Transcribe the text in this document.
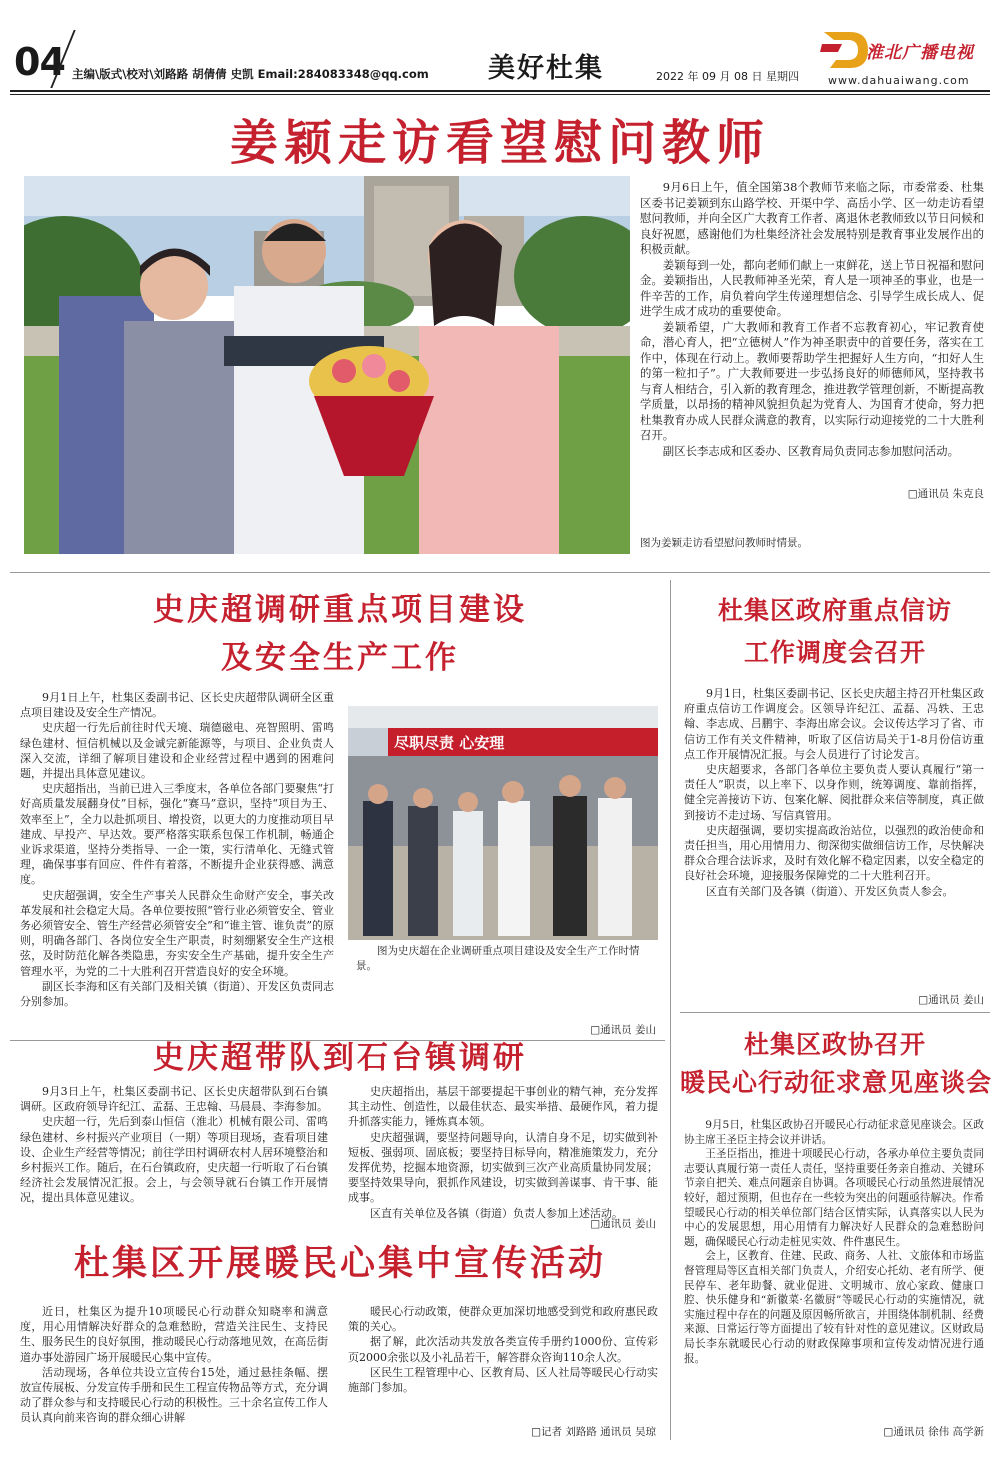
04 主编\版式\校对\刘路路 胡倩倩 史凯 Email:284083348@qq.com 美好杜集	2022 年 09 月 08 日 星期四
淮北广播电视
www.dahuaiwang.com
姜颖走访看望慰问教师

9月6日上午，值全国第38个教师节来临之际，市委常委、杜集区委书记姜颖到东山路学校、开渠中学、高岳小学、区一幼走访看望慰问教师，并向全区广大教育工作者、离退休老教师致以节日问候和良好祝愿，感谢他们为杜集经济社会发展特别是教育事业发展作出的积极贡献。

姜颖每到一处，都向老师们献上一束鲜花，送上节日祝福和慰问金。姜颖指出，人民教师神圣光荣，育人是一项神圣的事业，也是一件辛苦的工作，肩负着向学生传递理想信念、引导学生成长成人、促进学生成才成功的重要使命。

姜颖希望，广大教师和教育工作者不忘教育初心，牢记教育使命，潜心育人，把“立德树人”作为神圣职责中的首要任务，落实在工作中，体现在行动上。教师要帮助学生把握好人生方向，“扣好人生的第一粒扣子”。广大教师要进一步弘扬良好的师德师风，坚持教书与育人相结合，引入新的教育理念，推进教学管理创新，不断提高教学质量，以昂扬的精神风貌担负起为党育人、为国育才使命，努力把杜集教育办成人民群众满意的教育，以实际行动迎接党的二十大胜利召开。

副区长李志成和区委办、区教育局负责同志参加慰问活动。

□通讯员 朱克良
图为姜颖走访看望慰问教师时情景。
史庆超调研重点项目建设
及安全生产工作

9月1日上午，杜集区委副书记、区长史庆超带队调研全区重点项目建设及安全生产情况。

史庆超一行先后前往时代天境、瑞德磁电、亮智照明、雷鸣绿色建材、恒信机械以及金诚完新能源等，与项目、企业负责人深入交流，详细了解项目建设和企业经营过程中遇到的困难问题，并提出具体意见建议。

史庆超指出，当前已进入三季度末，各单位各部门要聚焦“打好高质量发展翻身仗”目标，强化“赛马”意识，坚持“项目为王、效率至上”，全力以赴抓项目、增投资，以更大的力度推动项目早建成、早投产、早达效。要严格落实联系包保工作机制，畅通企业诉求渠道，坚持分类指导、一企一策，实行清单化、无缝式管理，确保事事有回应、件件有着落，不断提升企业获得感、满意度。

史庆超强调，安全生产事关人民群众生命财产安全，事关改革发展和社会稳定大局。各单位要按照“管行业必须管安全、管业务必须管安全、管生产经营必须管安全”和“谁主管、谁负责”的原则，明确各部门、各岗位安全生产职责，时刻绷紧安全生产这根弦，及时防范化解各类隐患，夯实安全生产基础，提升安全生产管理水平，为党的二十大胜利召开营造良好的安全环境。

副区长李海和区有关部门及相关镇（街道）、开发区负责同志分别参加。

尽职尽责 心安理
图为史庆超在企业调研重点项目建设及安全生产工作时情景。
□通讯员 姜山
杜集区政府重点信访
工作调度会召开

9月1日，杜集区委副书记、区长史庆超主持召开杜集区政府重点信访工作调度会。区领导许纪江、孟磊、冯轶、王忠翰、李志成、吕鹏宇、李海出席会议。会议传达学习了省、市信访工作有关文件精神，听取了区信访局关于1-8月份信访重点工作开展情况汇报。与会人员进行了讨论发言。

史庆超要求，各部门各单位主要负责人要认真履行“第一责任人”职责，以上率下、以身作则，统筹调度、靠前指挥，健全完善接访下访、包案化解、阅批群众来信等制度，真正做到接访不走过场、写信真管用。

史庆超强调，要切实提高政治站位，以强烈的政治使命和责任担当，用心用情用力、彻深彻实做细信访工作，尽快解决群众合理合法诉求，及时有效化解不稳定因素，以安全稳定的良好社会环境，迎接服务保障党的二十大胜利召开。

区直有关部门及各镇（街道）、开发区负责人参会。

□通讯员 姜山
杜集区政协召开
暖民心行动征求意见座谈会

9月5日，杜集区政协召开暖民心行动征求意见座谈会。区政协主席王圣臣主持会议并讲话。

王圣臣指出，推进十项暖民心行动，各承办单位主要负责同志要认真履行第一责任人责任，坚持重要任务亲自推动、关键环节亲自把关、难点问题亲自协调。各项暖民心行动虽然进展情况较好，超过预期，但也存在一些较为突出的问题亟待解决。作希望暖民心行动的相关单位部门结合区情实际，认真落实以人民为中心的发展思想，用心用情有力解决好人民群众的急难愁盼问题，确保暖民心行动走桩见实效、件件惠民生。

会上，区教育、住建、民政、商务、人社、文旅体和市场监督管理局等区直相关部门负责人，介绍安心托幼、老有所学、便民停车、老年助餐、就业促进、文明城市、放心家政、健康口腔、快乐健身和“新徽菜·名徽厨”等暖民心行动的实施情况，就实施过程中存在的问题及原因畅所欲言，并围绕体制机制、经费来源、日常运行等方面提出了较有针对性的意见建议。区财政局局长李东就暖民心行动的财政保障事项和宣传发动情况进行通报。

□通讯员 徐伟 高学新
史庆超带队到石台镇调研

9月3日上午，杜集区委副书记、区长史庆超带队到石台镇调研。区政府领导许纪江、孟磊、王忠翰、马晨晨、李海参加。

史庆超一行，先后到泰山恒信（淮北）机械有限公司、雷鸣绿色建材、乡村振兴产业项目（一期）等项目现场，查看项目建设、企业生产经营等情况；前往学田村调研农村人居环境整治和乡村振兴工作。随后，在石台镇政府，史庆超一行听取了石台镇经济社会发展情况汇报。会上，与会领导就石台镇工作开展情况，提出具体意见建议。

史庆超指出，基层干部要提起干事创业的精气神，充分发挥其主动性、创造性，以最佳状态、最实举措、最硬作风，着力提升抓落实能力，锤炼真本领。

史庆超强调，要坚持问题导向，认清自身不足，切实做到补短板、强弱项、固底板；要坚持目标导向，精准施策发力，充分发挥优势，挖掘本地资源，切实做到三次产业高质量协同发展；要坚持效果导向，狠抓作风建设，切实做到善谋事、肯干事、能成事。

区直有关单位及各镇（街道）负责人参加上述活动。

□通讯员 姜山
杜集区开展暖民心集中宣传活动

近日，杜集区为提升10项暖民心行动群众知晓率和满意度，用心用情解决好群众的急难愁盼，营造关注民生、支持民生、服务民生的良好氛围，推动暖民心行动落地见效，在高岳街道办事处游园广场开展暖民心集中宣传。

活动现场，各单位共设立宣传台15处，通过悬挂条幅、摆放宣传展板、分发宣传手册和民生工程宣传物品等方式，充分调动了群众参与和支持暖民心行动的积极性。三十余名宣传工作人员认真向前来咨询的群众细心讲解

暖民心行动政策，使群众更加深切地感受到党和政府惠民政策的关心。

据了解，此次活动共发放各类宣传手册约1000份、宣传彩页2000余张以及小礼品若干，解答群众咨询110余人次。

区民生工程管理中心、区教育局、区人社局等暖民心行动实施部门参加。

□记者 刘路路 通讯员 吴琼
